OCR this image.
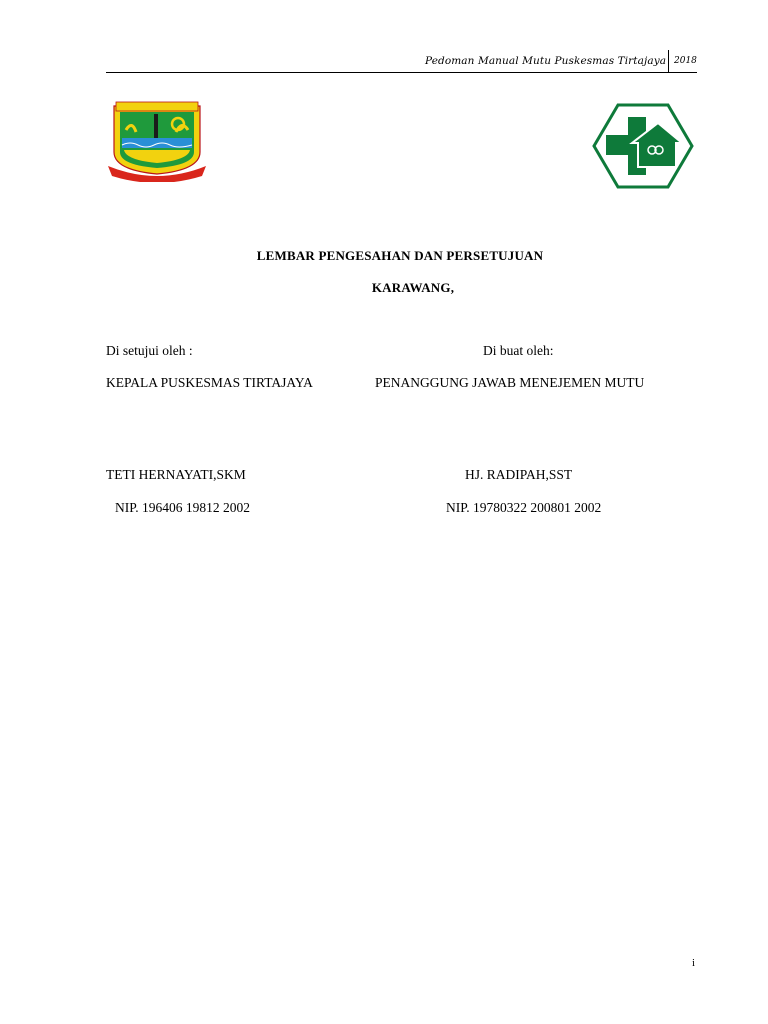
Pedoman Manual Mutu Puskesmas Tirtajaya 2018
LEMBAR PENGESAHAN DAN PERSETUJUAN
KARAWANG,
Di setujui oleh :	Di buat oleh:
KEPALA PUSKESMAS TIRTAJAYA	PENANGGUNG JAWAB MENEJEMEN MUTU
TETI HERNAYATI,SKM	HJ. RADIPAH,SST
NIP. 196406 19812 2002	NIP. 19780322 200801 2002
i
